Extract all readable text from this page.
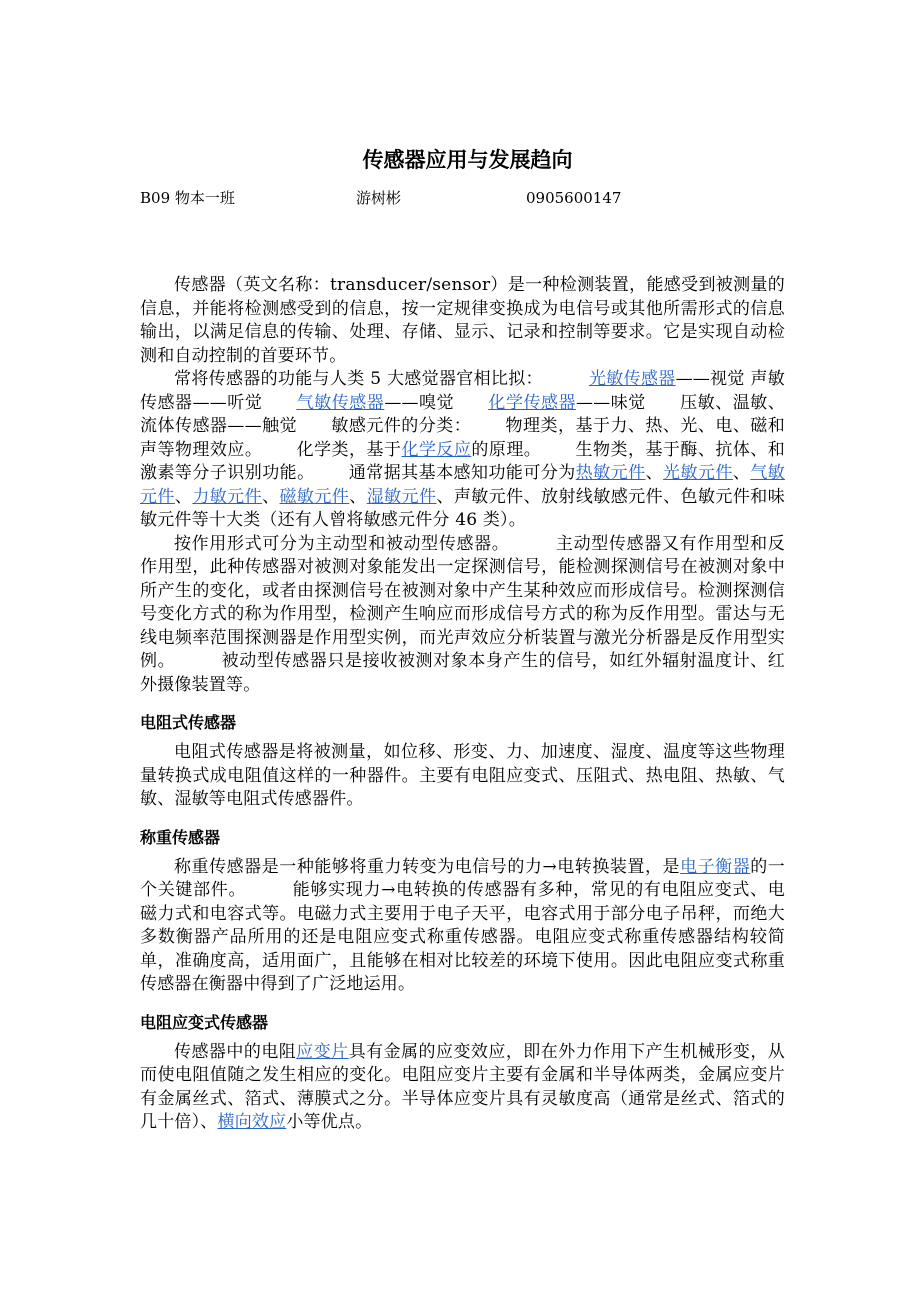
传感器应用与发展趋向
B09 物本一班	游树彬	0905600147

传感器（英文名称：transducer/sensor）是一种检测装置，能感受到被测量的信息，并能将检测感受到的信息，按一定规律变换成为电信号或其他所需形式的信息输出，以满足信息的传输、处理、存储、显示、记录和控制等要求。它是实现自动检测和自动控制的首要环节。

常将传感器的功能与人类 5 大感觉器官相比拟：	光敏传感器——视觉 声敏传感器——听觉 气敏传感器——嗅觉 化学传感器——味觉 压敏、温敏、流体传感器——触觉 敏感元件的分类： 物理类，基于力、热、光、电、磁和声等物理效应。 化学类，基于化学反应的原理。 生物类，基于酶、抗体、和激素等分子识别功能。 通常据其基本感知功能可分为热敏元件、光敏元件、气敏元件、力敏元件、磁敏元件、湿敏元件、声敏元件、放射线敏感元件、色敏元件和味敏元件等十大类（还有人曾将敏感元件分 46 类）。

按作用形式可分为主动型和被动型传感器。	主动型传感器又有作用型和反作用型，此种传感器对被测对象能发出一定探测信号，能检测探测信号在被测对象中所产生的变化，或者由探测信号在被测对象中产生某种效应而形成信号。检测探测信号变化方式的称为作用型，检测产生响应而形成信号方式的称为反作用型。雷达与无线电频率范围探测器是作用型实例，而光声效应分析装置与激光分析器是反作用型实例。	被动型传感器只是接收被测对象本身产生的信号，如红外辐射温度计、红外摄像装置等。

电阻式传感器

电阻式传感器是将被测量，如位移、形变、力、加速度、湿度、温度等这些物理量转换式成电阻值这样的一种器件。主要有电阻应变式、压阻式、热电阻、热敏、气敏、湿敏等电阻式传感器件。

称重传感器

称重传感器是一种能够将重力转变为电信号的力→电转换装置，是电子衡器的一个关键部件。	能够实现力→电转换的传感器有多种，常见的有电阻应变式、电磁力式和电容式等。电磁力式主要用于电子天平，电容式用于部分电子吊秤，而绝大多数衡器产品所用的还是电阻应变式称重传感器。电阻应变式称重传感器结构较简单，准确度高，适用面广，且能够在相对比较差的环境下使用。因此电阻应变式称重传感器在衡器中得到了广泛地运用。

电阻应变式传感器

传感器中的电阻应变片具有金属的应变效应，即在外力作用下产生机械形变，从而使电阻值随之发生相应的变化。电阻应变片主要有金属和半导体两类，金属应变片有金属丝式、箔式、薄膜式之分。半导体应变片具有灵敏度高（通常是丝式、箔式的几十倍）、横向效应小等优点。
